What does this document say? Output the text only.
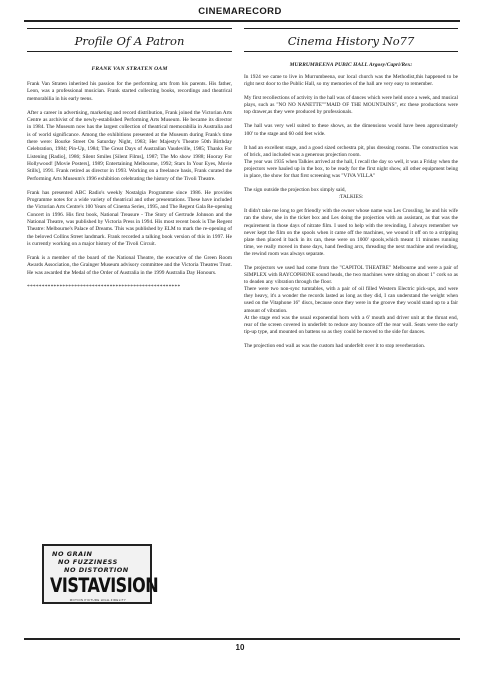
CINEMARECORD
Profile Of A Patron
FRANK VAN STRATEN OAM

Frank Van Straten inherited his passion for the performing arts from his parents. His father, Leon, was a professional musician. Frank started collecting books, recordings and theatrical memorabilia in his early teens.

After a career in advertising, marketing and record distribution, Frank joined the Victorian Arts Centre as archivist of the newly-established Performing Arts Museum. He became its director in 1984. The Museum now has the largest collection of theatrical memorabilia in Australia and is of world significance. Among the exhibitions presented at the Museum during Frank's time there were: Bourke Street On Saturday Night, 1983; Her Majesty's Theatre 50th Birthday Celebration, 1984; Pin-Up, 1984; The Great Days of Australian Vaudeville, 1985; Thanks For Listening [Radio], 1986; Silent Smiles [Silent Films], 1987; The Mo show 1988; Hooray For Hollywood! [Movie Posters], 1989; Entertaining Melbourne, 1992; Stars In Your Eyes, Movie Stills], 1991. Frank retired as director in 1993. Working on a freelance basis, Frank curated the Performing Arts Museum's 1996 exhibition celebrating the history of the Tivoli Theatre.

Frank has presented ABC Radio's weekly Nostalgia Programme since 1986. He provides Programme notes for a wide variety of theatrical and other presentations. These have included the Victorian Arts Centre's 100 Years of Cinema Series, 1995, and The Regent Gala Re-opening Concert in 1996. His first book, National Treasure - The Story of Gertrude Johnson and the National Theatre, was published by Victoria Press in 1994. His most recent book is The Regent Theatre: Melbourne's Palace of Dreams. This was published by ELM to mark the re-opening of the beloved Collins Street landmark. Frank recorded a talking book version of this in 1997. He is currently working on a major history of the Tivoli Circuit.

Frank is a member of the board of the National Theatre, the executive of the Green Room Awards Association, the Grainger Museum advisory committee and the Victoria Theatres Trust. He was awarded the Medal of the Order of Australia in the 1999 Australia Day Honours.

****************************************************
NO GRAIN
NO FUZZINESS
NO DISTORTION
VISTAVISION
MOTION PICTURE HIGH-FIDELITY
Cinema History No77
MURRUMBEENA PUBIC HALL Argosy/Capri/Rex:

In 1924 we came to live in Murrumbeena, our local church was the Methodist,this happened to be right next door to the Public Hall, so my memories of the hall are very easy to remember.

My first recollections of activity in the hall was of dances which were held once a week, and musical plays, such as "NO NO NANETTE""MAID OF THE MOUNTAINS", etc these productions were top drawer,as they were produced by professionals.

The hall was very well suited to these shows, as the dimensions would have been approximately 100' to the stage and 60 odd feet wide.

It had an excellent stage, and a good sized orchestra pit, plus dressing rooms. The construction was of brick, and included was a generous projection room.

The year was 1935 when Talkies arrived at the hall, I recall the day so well, it was a Friday when the projectors were hauled up in the box, to be ready for the first night show, all other equipment being in place, the show for that first screening was "VIVA VILLA"

The sign outside the projection box simply said,

:TALKIES:

It didn't take me long to get friendly with the owner whose name was Les Crossling, he and his wife ran the show, she in the ticket box and Les doing the projection with an assistant, as that was the requirement in those days of nitrate film. I used to help with the rewinding, I always remember we never kept the film on the spools when it came off the machines, we wound it off on to a stripping plate then placed it back in its can, these were on 1000' spools,which meant 11 minutes running time, we really moved in those days, hand feeding arcs, threading the next machine and rewinding, the rewind room was always separate.

The projectors we used had come from the "CAPITOL THEATRE" Melbourne and were a pair of SIMPLEX with RAYCOPHONE sound heads, the two machines were sitting on about 1" cork so as to deaden any vibration through the floor.

There were two non-sync turntables, with a pair of oil filled Western Electric pick-ups, and were they heavy, it's a wonder the records lasted as long as they did, I can understand the weight when used on the Vitaphone 16" discs, because once they were in the groove they would stand up to a fair amount of vibration.

At the stage end was the usual exponential horn with a 6' mouth and driver unit at the throat end, rear of the screen covered in underfelt to reduce any bounce off the rear wall. Seats were the early tip-up type, and mounted on battens so as they could be moved to the side for dances.

The projection end wall as was the custom had underfelt over it to stop reverberation.

10
